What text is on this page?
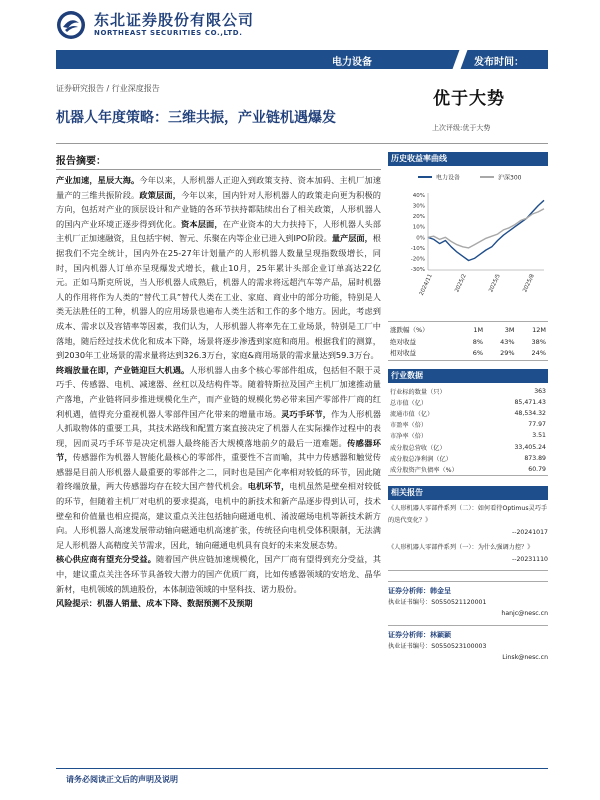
东北证券股份有限公司
NORTHEAST SECURITIES CO.,LTD.
电力设备	发布时间：2025-
证券研究报告 / 行业深度报告
优于大势
机器人年度策略：三维共振，产业链机遇爆发
上次评级:优于大势
报告摘要：

产业加速，星辰大海。今年以来，人形机器人正迎入到政策支持、资本加码、主机厂加速量产的三维共振阶段。政策层面，今年以来，国内针对人形机器人的政策走向更为积极的方向，包括对产业的顶层设计和产业链的各环节扶持都陆续出台了相关政策，人形机器人的国内产业环境正逐步得到优化。资本层面，在产业资本的大力扶持下，人形机器人头部主机厂正加速融资，且包括宇树、智元、乐聚在内等企业已进入到IPO阶段。量产层面，根据我们不完全统计，国内外在25-27年计划量产的人形机器人数量呈现指数级增长，同时，国内机器人订单亦呈现爆发式增长，截止10月，25年累计头部企业订单高达22亿元。正如马斯克所说，当人形机器人成熟后，机器人的需求将远超汽车等产品，届时机器人的作用将作为人类的“替代工具”替代人类在工业、家庭、商业中的部分功能，特别是人类无法胜任的工种，机器人的应用场景也遍布人类生活和工作的多个地方。因此，考虑到成本、需求以及容错率等因素，我们认为，人形机器人将率先在工业场景，特别是工厂中落地，随后经过技术优化和成本下降，场景将逐步渗透到家庭和商用。根据我们的测算，到2030年工业场景的需求量将达到326.3万台，家庭&商用场景的需求量达到59.3万台。

终端放量在即，产业链迎巨大机遇。人形机器人由多个核心零部件组成，包括但不限于灵巧手、传感器、电机、减速器、丝杠以及结构件等。随着特斯拉及国产主机厂加速推动量产落地，产业链将同步推进规模化生产，而产业链的规模化势必带来国产零部件厂商的红利机遇，值得充分重视机器人零部件国产化带来的增量市场。灵巧手环节，作为人形机器人抓取物体的重要工具，其技术路线和配置方案直接决定了机器人在实际操作过程中的表现，因而灵巧手环节是决定机器人最终能否大规模落地前夕的最后一道难题。传感器环节，传感器作为机器人智能化最核心的零部件，重要性不言而喻，其中力传感器和触觉传感器是目前人形机器人最重要的零部件之二，同时也是国产化率相对较低的环节，因此随着终端放量，两大传感器均存在较大国产替代机会。电机环节，电机虽然是壁垒相对较低的环节，但随着主机厂对电机的要求提高，电机中的新技术和新产品逐步得到认可，技术壁垒和价值量也相应提高，建议重点关注包括轴向磁通电机、淆波磁场电机等新技术新方向。人形机器人高速发展带动轴向磁通电机高速扩张，传统径向电机受体积限制，无法满足人形机器人高精度关节需求，因此，轴向磁通电机具有良好的未来发展态势。

核心供应商有望充分受益。随着国产供应链加速规模化，国产厂商有望得到充分受益，其中，建议重点关注各环节具备较大潜力的国产优质厂商，比如传感器领域的安培龙、晶华新材，电机领域的凯迪股份，本体制造领域的中坚科技、诺力股份。

风险提示：机器人销量、成本下降、数据预测不及预期

历史收益率曲线
电力设备	沪深300
40%
30%
20%
10%
0%
-10%
-20%
-30%
2024/11	2025/2	2025/5	2025/8
涨跌幅（%）	1M	3M	12M
绝对收益	8%	43%	38%
相对收益	6%	29%	24%
行业数据
行业标的数量（只）	363
总市值（亿）	85,471.43
流通市值（亿）	48,534.32
市盈率（倍）	77.97
市净率（倍）	3.51
成分股总营收（亿）	33,405.24
成分股总净利润（亿）	873.89
成分股资产负债率（%）	60.79
相关报告
《人形机器人零部件系列（二）：如何看待Optimus灵巧手的迭代变化？》
--20241017
《人形机器人零部件系列（一）：为什么强调力控？》
--20231110
证券分析师：韩金呈
执业证书编号：S0550521120001
hanjc@nesc.cn
证券分析师：林颖颖
执业证书编号：S0550523100003
Linsk@nesc.cn
请务必阅读正文后的声明及说明
